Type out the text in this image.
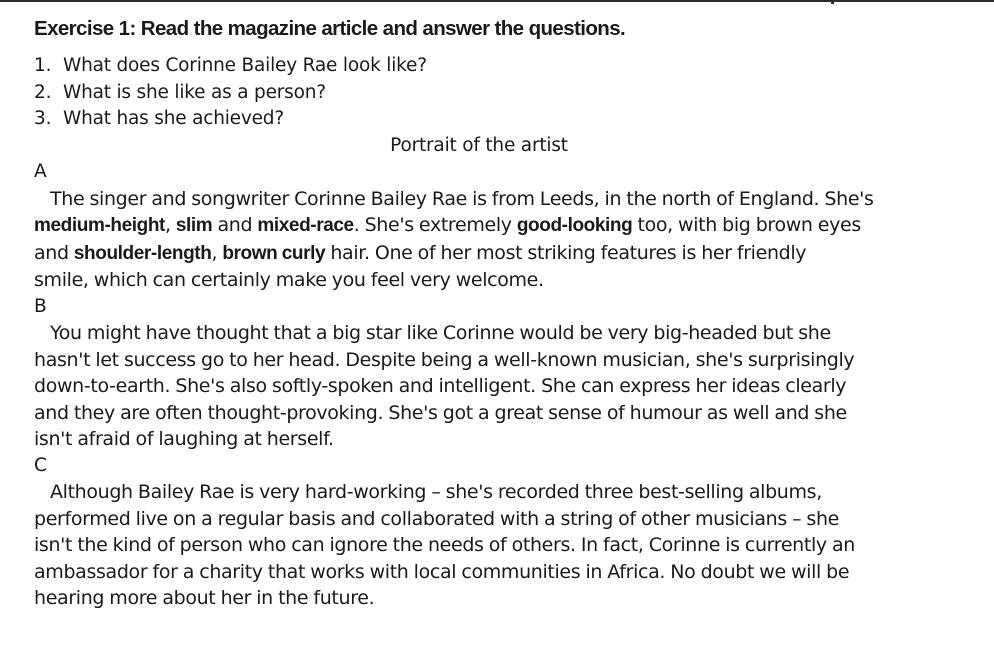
Exercise 1: Read the magazine article and answer the questions.
1. What does Corinne Bailey Rae look like?
2. What is she like as a person?
3. What has she achieved?

Portrait of the artist

A

The singer and songwriter Corinne Bailey Rae is from Leeds, in the north of England. She's
medium-height, slim and mixed-race. She's extremely good-looking too, with big brown eyes
and shoulder-length, brown curly hair. One of her most striking features is her friendly
smile, which can certainly make you feel very welcome.

B

You might have thought that a big star like Corinne would be very big-headed but she
hasn't let success go to her head. Despite being a well-known musician, she's surprisingly
down-to-earth. She's also softly-spoken and intelligent. She can express her ideas clearly
and they are often thought-provoking. She's got a great sense of humour as well and she
isn't afraid of laughing at herself.

C

Although Bailey Rae is very hard-working – she's recorded three best-selling albums,
performed live on a regular basis and collaborated with a string of other musicians – she
isn't the kind of person who can ignore the needs of others. In fact, Corinne is currently an
ambassador for a charity that works with local communities in Africa. No doubt we will be
hearing more about her in the future.
